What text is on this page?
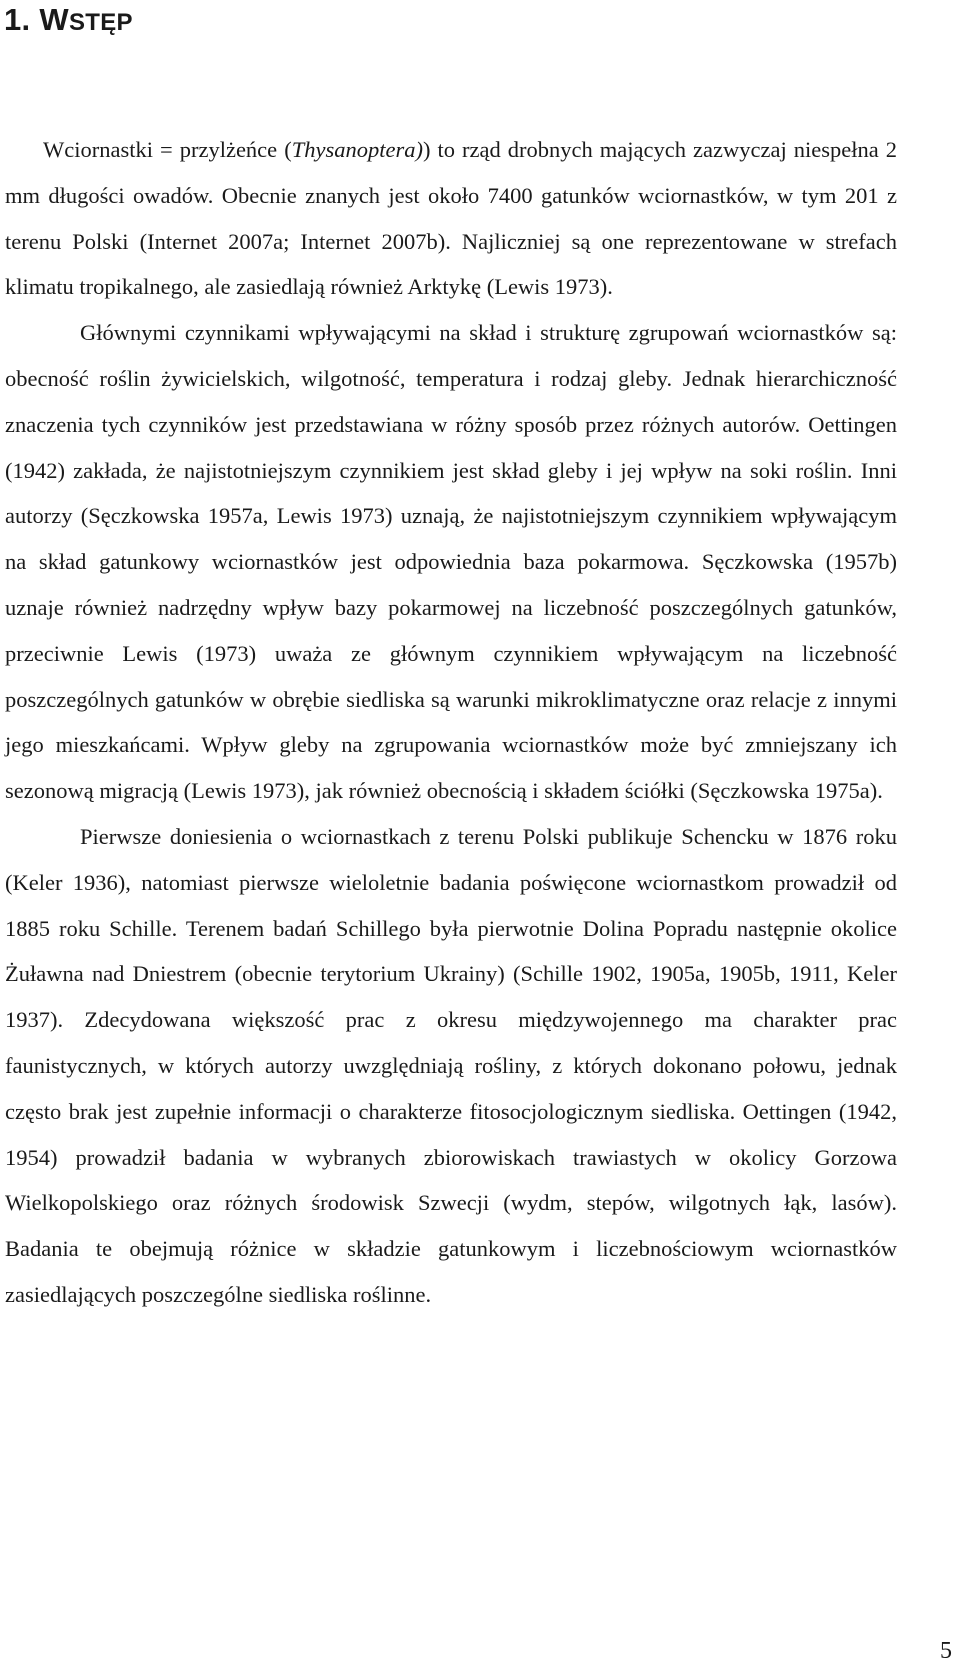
1. WSTĘP

Wciornastki = przylżeńce (Thysanoptera)) to rząd drobnych mających zazwyczaj niespełna 2 mm długości owadów. Obecnie znanych jest około 7400 gatunków wciornastków, w tym 201 z terenu Polski (Internet 2007a; Internet 2007b). Najliczniej są one reprezentowane w strefach klimatu tropikalnego, ale zasiedlają również Arktykę (Lewis 1973).

Głównymi czynnikami wpływającymi na skład i strukturę zgrupowań wciornastków są: obecność roślin żywicielskich, wilgotność, temperatura i rodzaj gleby. Jednak hierarchiczność znaczenia tych czynników jest przedstawiana w różny sposób przez różnych autorów. Oettingen (1942) zakłada, że najistotniejszym czynnikiem jest skład gleby i jej wpływ na soki roślin. Inni autorzy (Sęczkowska 1957a, Lewis 1973) uznają, że najistotniejszym czynnikiem wpływającym na skład gatunkowy wciornastków jest odpowiednia baza pokarmowa. Sęczkowska (1957b) uznaje również nadrzędny wpływ bazy pokarmowej na liczebność poszczególnych gatunków, przeciwnie Lewis (1973) uważa ze głównym czynnikiem wpływającym na liczebność poszczególnych gatunków w obrębie siedliska są warunki mikroklimatyczne oraz relacje z innymi jego mieszkańcami. Wpływ gleby na zgrupowania wciornastków może być zmniejszany ich sezonową migracją (Lewis 1973), jak również obecnością i składem ściółki (Sęczkowska 1975a).

Pierwsze doniesienia o wciornastkach z terenu Polski publikuje Schencku w 1876 roku (Keler 1936), natomiast pierwsze wieloletnie badania poświęcone wciornastkom prowadził od 1885 roku Schille. Terenem badań Schillego była pierwotnie Dolina Popradu następnie okolice Żuławna nad Dniestrem (obecnie terytorium Ukrainy) (Schille 1902, 1905a, 1905b, 1911, Keler 1937). Zdecydowana większość prac z okresu międzywojennego ma charakter prac faunistycznych, w których autorzy uwzględniają rośliny, z których dokonano połowu, jednak często brak jest zupełnie informacji o charakterze fitosocjologicznym siedliska. Oettingen (1942, 1954) prowadził badania w wybranych zbiorowiskach trawiastych w okolicy Gorzowa Wielkopolskiego oraz różnych środowisk Szwecji (wydm, stepów, wilgotnych łąk, lasów). Badania te obejmują różnice w składzie gatunkowym i liczebnościowym wciornastków zasiedlających poszczególne siedliska roślinne.

5
